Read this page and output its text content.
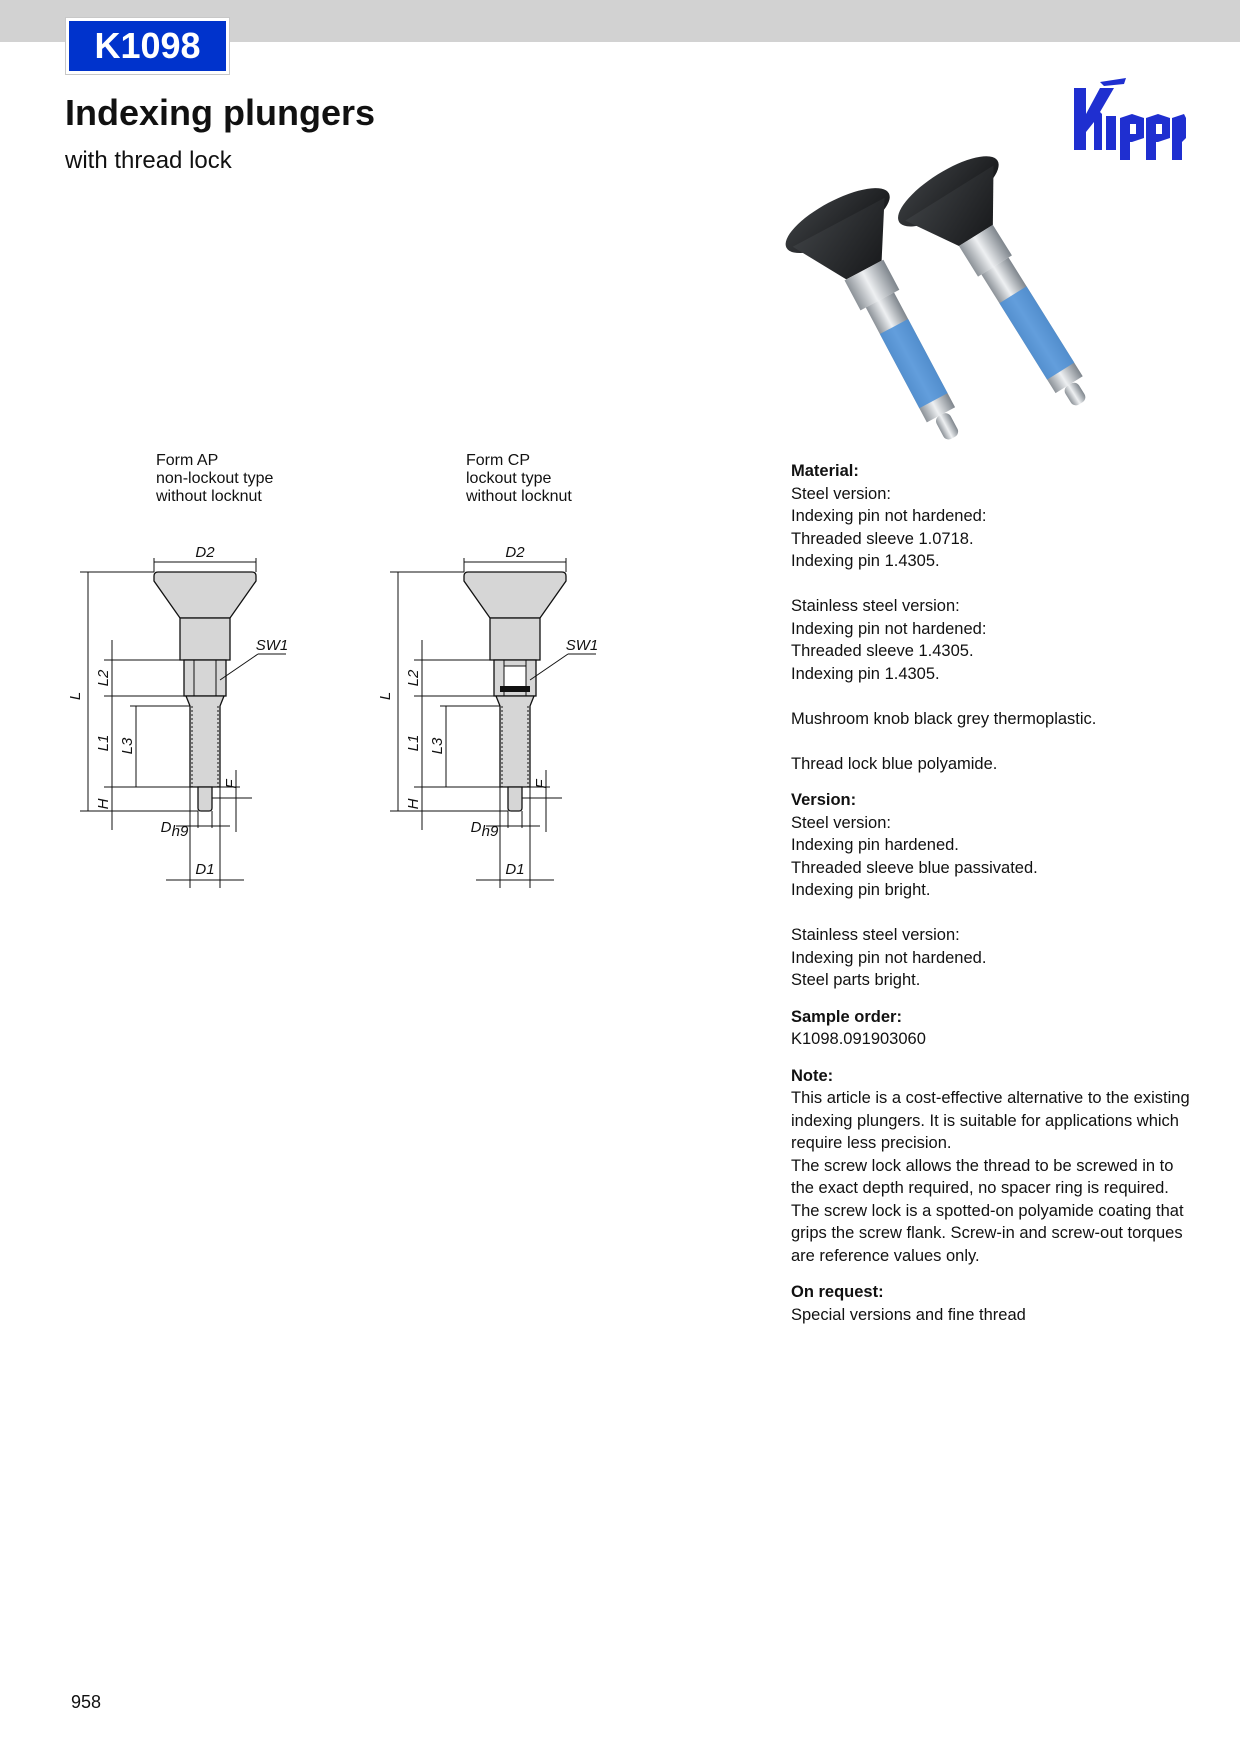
K1098
Indexing plungers
with thread lock
Form AP
non-lockout type
without locknut
D2
L
L2
L1 L3
H
F
SW1
D h9
D1
Form CP
lockout type
without locknut
D2
L
L2
L1 L3
H
F
SW1
D h9
D1
Material:
Steel version:
Indexing pin not hardened:
Threaded sleeve 1.0718.
Indexing pin 1.4305.
Stainless steel version:
Indexing pin not hardened:
Threaded sleeve 1.4305.
Indexing pin 1.4305.
Mushroom knob black grey thermoplastic.
Thread lock blue polyamide.
Version:
Steel version:
Indexing pin hardened.
Threaded sleeve blue passivated.
Indexing pin bright.
Stainless steel version:
Indexing pin not hardened.
Steel parts bright.
Sample order:
K1098.091903060
Note:
This article is a cost-effective alternative to the existing
indexing plungers. It is suitable for applications which
require less precision.
The screw lock allows the thread to be screwed in to
the exact depth required, no spacer ring is required.
The screw lock is a spotted-on polyamide coating that
grips the screw flank. Screw-in and screw-out torques
are reference values only.
On request:
Special versions and fine thread
958
